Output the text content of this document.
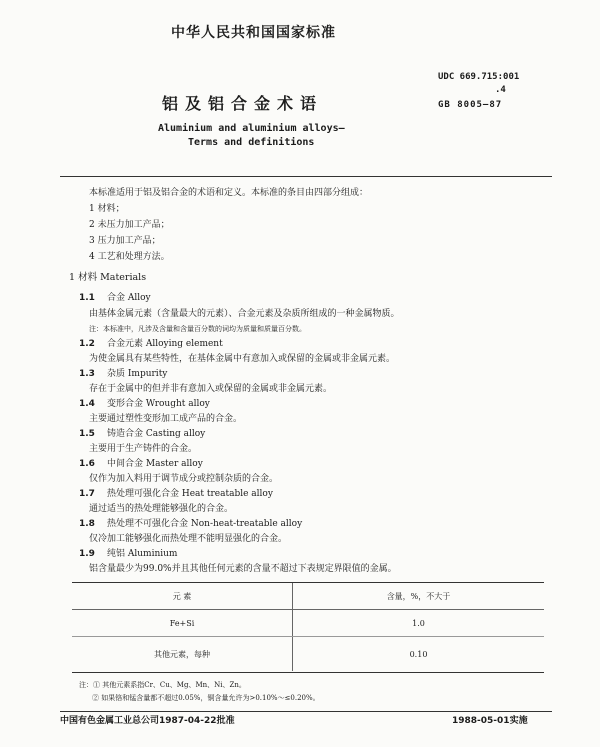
中华人民共和国国家标准
铝及铝合金术语
UDC 669.715:001
.4
GB 8005—87
Aluminium and aluminium alloys—
Terms and definitions
本标准适用于铝及铝合金的术语和定义。本标准的条目由四部分组成：
1 材料；
2 未压力加工产品；
3 压力加工产品；
4 工艺和处理方法。
1 材料 Materials
1.1 合金 Alloy
由基体金属元素（含量最大的元素）、合金元素及杂质所组成的一种金属物质。
注：本标准中，凡涉及含量和含量百分数的词均为质量和质量百分数。
1.2 合金元素 Alloying element
为使金属具有某些特性，在基体金属中有意加入或保留的金属或非金属元素。
1.3 杂质 Impurity
存在于金属中的但并非有意加入或保留的金属或非金属元素。
1.4 变形合金 Wrought alloy
主要通过塑性变形加工成产品的合金。
1.5 铸造合金 Casting alloy
主要用于生产铸件的合金。
1.6 中间合金 Master alloy
仅作为加入料用于调节成分或控制杂质的合金。
1.7 热处理可强化合金 Heat treatable alloy
通过适当的热处理能够强化的合金。
1.8 热处理不可强化合金 Non-heat-treatable alloy
仅冷加工能够强化而热处理不能明显强化的合金。
1.9 纯铝 Aluminium
铝含量最少为99.0%并且其他任何元素的含量不超过下表规定界限值的金属。
元 素	含量，%，不大于
Fe+Si	1.0
其他元素，每种	0.10
注：① 其他元素系指Cr、Cu、Mg、Mn、Ni、Zn。
② 如果铬和锰含量都不超过0.05%，铜含量允许为>0.10%～≤0.20%。
中国有色金属工业总公司1987-04-22批准	1988-05-01实施
